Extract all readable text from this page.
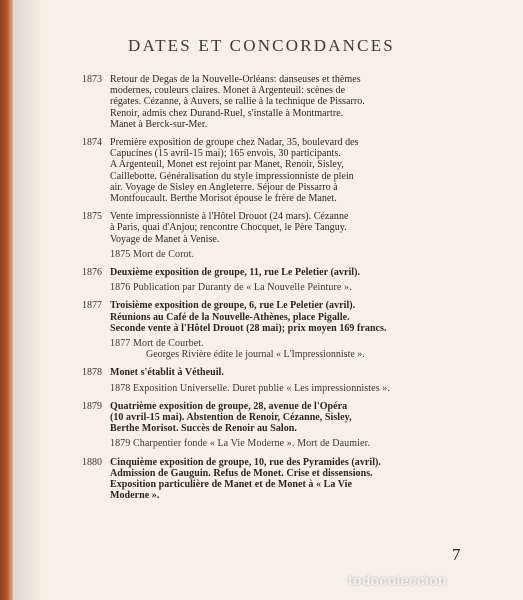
DATES ET CONCORDANCES
1873 Retour de Degas de la Nouvelle-Orléans: danseuses et thèmes
modernes, couleurs claires. Monet à Argenteuil: scènes de
régates. Cézanne, à Auvers, se rallie à la technique de Pissarro.
Renoir, admis chez Durand-Ruel, s'installe à Montmartre.
Manet à Berck-sur-Mer.

1874 Première exposition de groupe chez Nadar, 35, boulevard des
Capucines (15 avril-15 mai); 165 envois, 30 participants.
A Argenteuil, Monet est rejoint par Manet, Renoir, Sisley,
Caillebotte. Généralisation du style impressionniste de plein
air. Voyage de Sisley en Angleterre. Séjour de Pissarro à
Montfoucault. Berthe Morisot épouse le frère de Manet.

1875 Vente impressionniste à l'Hôtel Drouot (24 mars). Cézanne
à Paris, quai d'Anjou; rencontre Chocquet, le Père Tanguy.
Voyage de Manet à Venise.

1875 Mort de Corot.

1876 Deuxième exposition de groupe, 11, rue Le Peletier (avril).

1876 Publication par Duranty de « La Nouvelle Peinture ».

1877 Troisième exposition de groupe, 6, rue Le Peletier (avril).
Réunions au Café de la Nouvelle-Athènes, place Pigalle.
Seconde vente à l'Hôtel Drouot (28 mai); prix moyen 169 francs.

1877 Mort de Courbet.

Georges Rivière édite le journal « L'Impressionniste ».

1878 Monet s'établit à Vétheuil.

1878 Exposition Universelle. Duret publie « Les impressionnistes ».

1879 Quatrième exposition de groupe, 28, avenue de l'Opéra
(10 avril-15 mai). Abstention de Renoir, Cézanne, Sisley,
Berthe Morisot. Succès de Renoir au Salon.

1879 Charpentier fonde « La Vie Moderne ». Mort de Daumier.

1880 Cinquième exposition de groupe, 10, rue des Pyramides (avril).
Admission de Gauguin. Refus de Monet. Crise et dissensions.
Exposition particulière de Manet et de Monet à « La Vie
Moderne ».

7
todocoleccion
